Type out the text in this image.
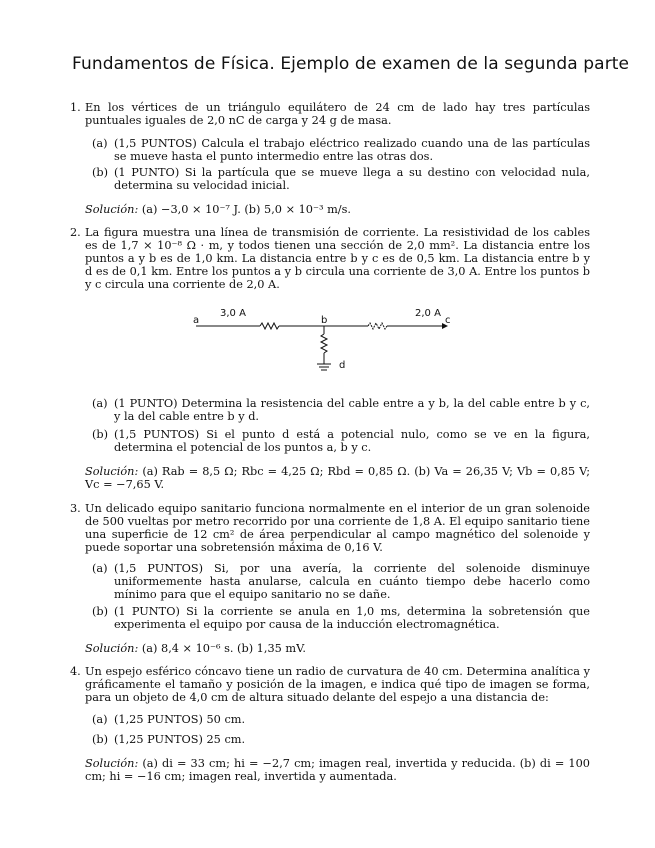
Fundamentos de Física. Ejemplo de examen de la segunda parte
1. En los vértices de un triángulo equilátero de 24 cm de lado hay tres partículas puntuales iguales de 2,0 nC de carga y 24 g de masa.
(a) (1,5 PUNTOS) Calcula el trabajo eléctrico realizado cuando una de las partículas se mueve hasta el punto intermedio entre las otras dos.
(b) (1 PUNTO) Si la partícula que se mueve llega a su destino con velocidad nula, determina su velocidad inicial.
Solución: (a) −3,0 × 10⁻⁷ J. (b) 5,0 × 10⁻³ m/s.
2. La figura muestra una línea de transmisión de corriente. La resistividad de los cables es de 1,7 × 10⁻⁸ Ω · m, y todos tienen una sección de 2,0 mm². La distancia entre los puntos a y b es de 1,0 km. La distancia entre b y c es de 0,5 km. La distancia entre b y d es de 0,1 km. Entre los puntos a y b circula una corriente de 3,0 A. Entre los puntos b y c circula una corriente de 2,0 A.
a
3,0 A
b
2,0 A
c
d
(a) (1 PUNTO) Determina la resistencia del cable entre a y b, la del cable entre b y c, y la del cable entre b y d.
(b) (1,5 PUNTOS) Si el punto d está a potencial nulo, como se ve en la figura, determina el potencial de los puntos a, b y c.
Solución: (a) Rab = 8,5 Ω; Rbc = 4,25 Ω; Rbd = 0,85 Ω. (b) Va = 26,35 V; Vb = 0,85 V; Vc = −7,65 V.
3. Un delicado equipo sanitario funciona normalmente en el interior de un gran solenoide de 500 vueltas por metro recorrido por una corriente de 1,8 A. El equipo sanitario tiene una superficie de 12 cm² de área perpendicular al campo magnético del solenoide y puede soportar una sobretensión máxima de 0,16 V.
(a) (1,5 PUNTOS) Si, por una avería, la corriente del solenoide disminuye uniformemente hasta anularse, calcula en cuánto tiempo debe hacerlo como mínimo para que el equipo sanitario no se dañe.
(b) (1 PUNTO) Si la corriente se anula en 1,0 ms, determina la sobretensión que experimenta el equipo por causa de la inducción electromagnética.
Solución: (a) 8,4 × 10⁻⁶ s. (b) 1,35 mV.
4. Un espejo esférico cóncavo tiene un radio de curvatura de 40 cm. Determina analítica y gráficamente el tamaño y posición de la imagen, e indica qué tipo de imagen se forma, para un objeto de 4,0 cm de altura situado delante del espejo a una distancia de:
(a) (1,25 PUNTOS) 50 cm.
(b) (1,25 PUNTOS) 25 cm.
Solución: (a) di = 33 cm; hi = −2,7 cm; imagen real, invertida y reducida. (b) di = 100 cm; hi = −16 cm; imagen real, invertida y aumentada.
